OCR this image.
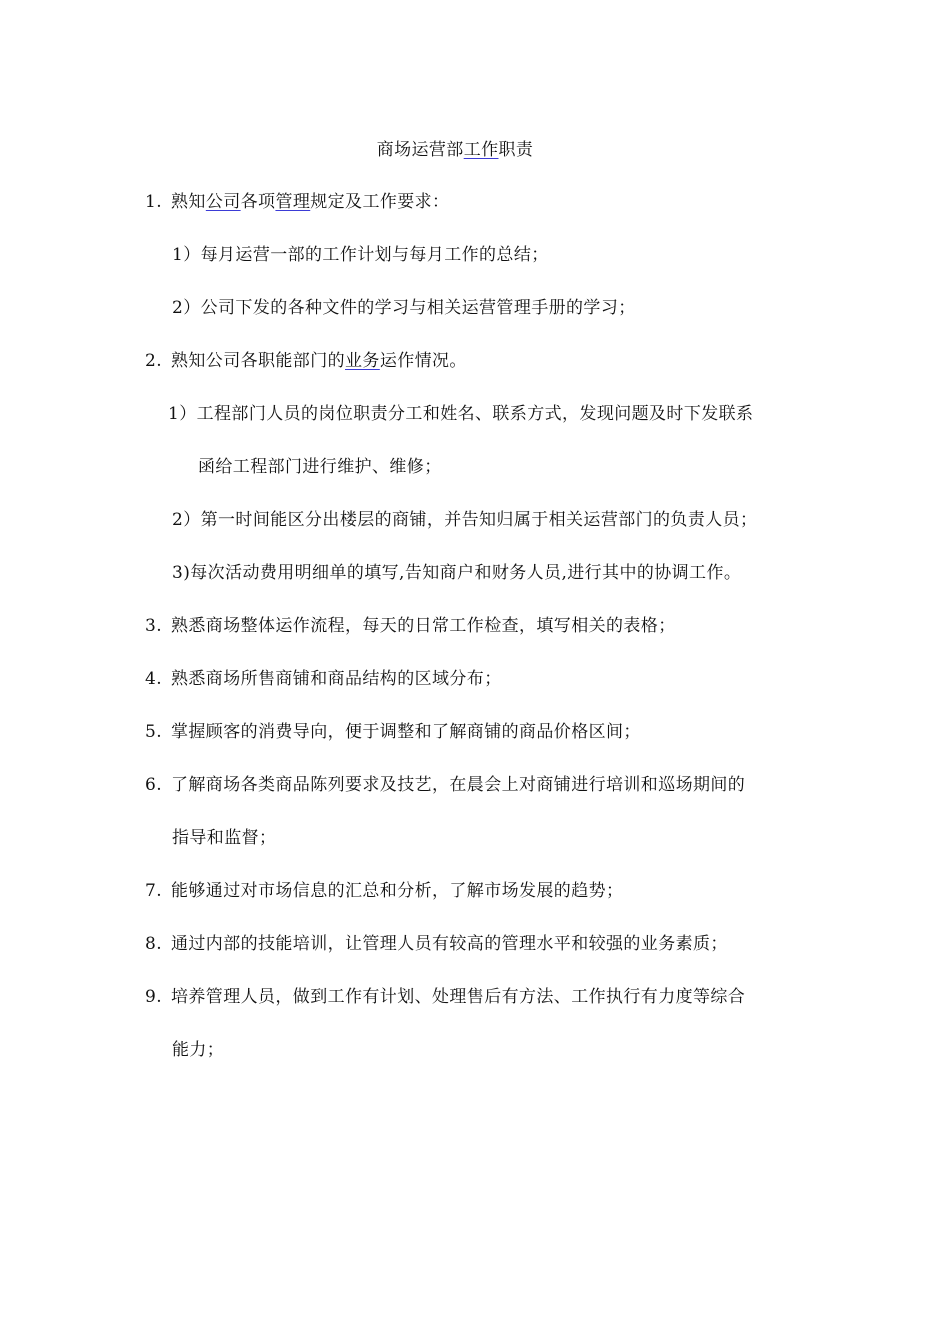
商场运营部工作职责
1. 熟知公司各项管理规定及工作要求：
1）每月运营一部的工作计划与每月工作的总结；
2）公司下发的各种文件的学习与相关运营管理手册的学习；
2. 熟知公司各职能部门的业务运作情况。
1）工程部门人员的岗位职责分工和姓名、联系方式，发现问题及时下发联系
函给工程部门进行维护、维修；
2）第一时间能区分出楼层的商铺，并告知归属于相关运营部门的负责人员；
3)每次活动费用明细单的填写,告知商户和财务人员,进行其中的协调工作。
3. 熟悉商场整体运作流程，每天的日常工作检查，填写相关的表格；
4. 熟悉商场所售商铺和商品结构的区域分布；
5. 掌握顾客的消费导向，便于调整和了解商铺的商品价格区间；
6. 了解商场各类商品陈列要求及技艺，在晨会上对商铺进行培训和巡场期间的
指导和监督；
7. 能够通过对市场信息的汇总和分析，了解市场发展的趋势；
8. 通过内部的技能培训，让管理人员有较高的管理水平和较强的业务素质；
9. 培养管理人员，做到工作有计划、处理售后有方法、工作执行有力度等综合
能力；
